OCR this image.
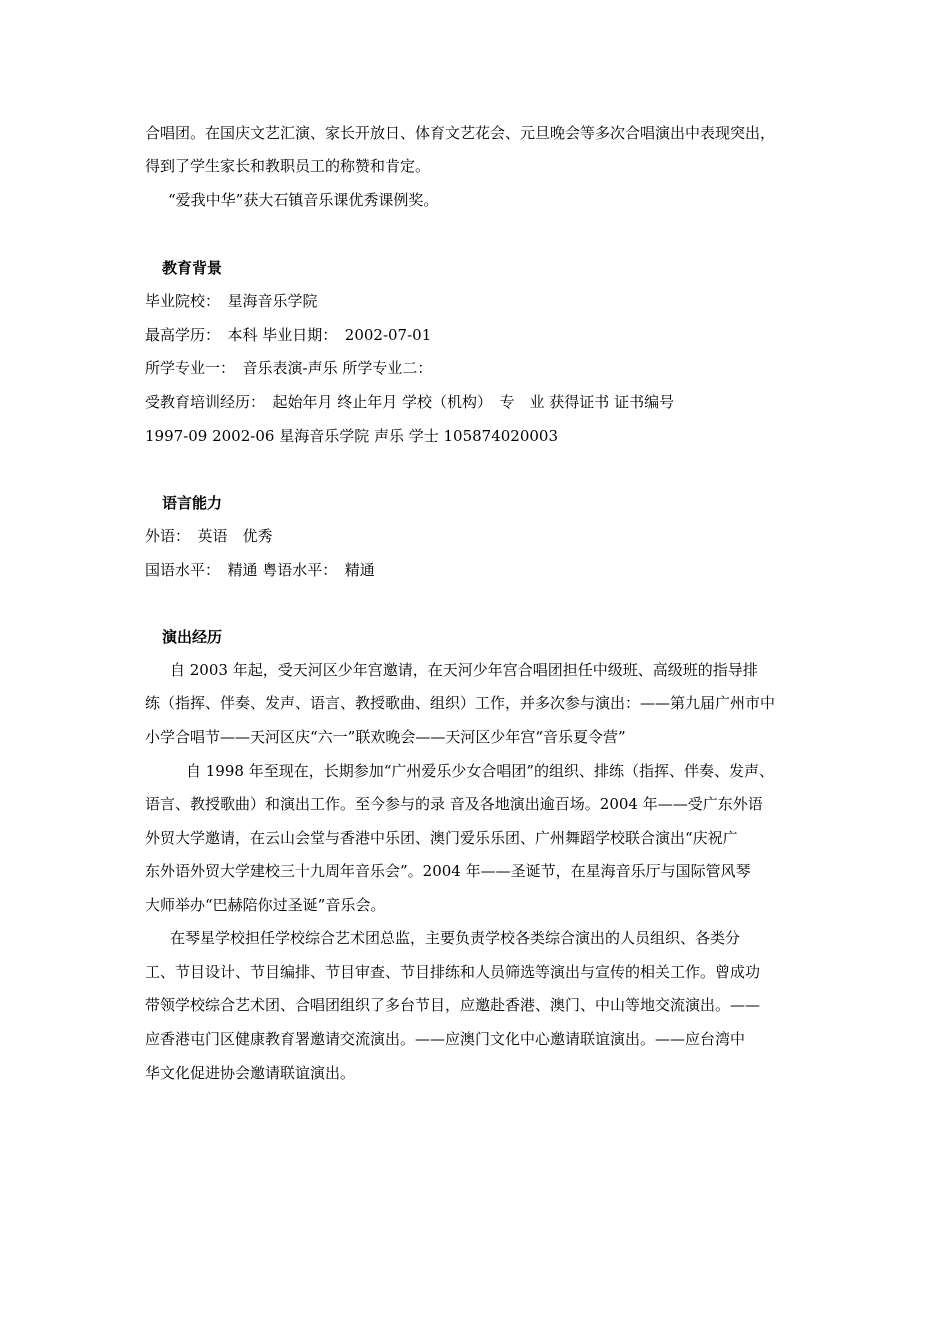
合唱团。在国庆文艺汇演、家长开放日、体育文艺花会、元旦晚会等多次合唱演出中表现突出，
得到了学生家长和教职员工的称赞和肯定。
“爱我中华”获大石镇音乐课优秀课例奖。
教育背景
毕业院校：　星海音乐学院
最高学历：　本科 毕业日期：　2002-07-01
所学专业一：　音乐表演-声乐 所学专业二：
受教育培训经历：　起始年月 终止年月 学校（机构）　专　业 获得证书 证书编号
1997-09 2002-06 星海音乐学院 声乐 学士 105874020003
语言能力
外语：　英语　优秀
国语水平：　精通 粤语水平：　精通
演出经历
自 2003 年起，受天河区少年宫邀请，在天河少年宫合唱团担任中级班、高级班的指导排
练（指挥、伴奏、发声、语言、教授歌曲、组织）工作，并多次参与演出：——第九届广州市中
小学合唱节——天河区庆“六一”联欢晚会——天河区少年宫“音乐夏令营”
自 1998 年至现在，长期参加“广州爱乐少女合唱团”的组织、排练（指挥、伴奏、发声、
语言、教授歌曲）和演出工作。至今参与的录 音及各地演出逾百场。2004 年——受广东外语
外贸大学邀请，在云山会堂与香港中乐团、澳门爱乐乐团、广州舞蹈学校联合演出“庆祝广
东外语外贸大学建校三十九周年音乐会”。2004 年——圣诞节，在星海音乐厅与国际管风琴
大师举办“巴赫陪你过圣诞”音乐会。
在琴星学校担任学校综合艺术团总监，主要负责学校各类综合演出的人员组织、各类分
工、节目设计、节目编排、节目审查、节目排练和人员筛选等演出与宣传的相关工作。曾成功
带领学校综合艺术团、合唱团组织了多台节目，应邀赴香港、澳门、中山等地交流演出。——
应香港屯门区健康教育署邀请交流演出。——应澳门文化中心邀请联谊演出。——应台湾中
华文化促进协会邀请联谊演出。
